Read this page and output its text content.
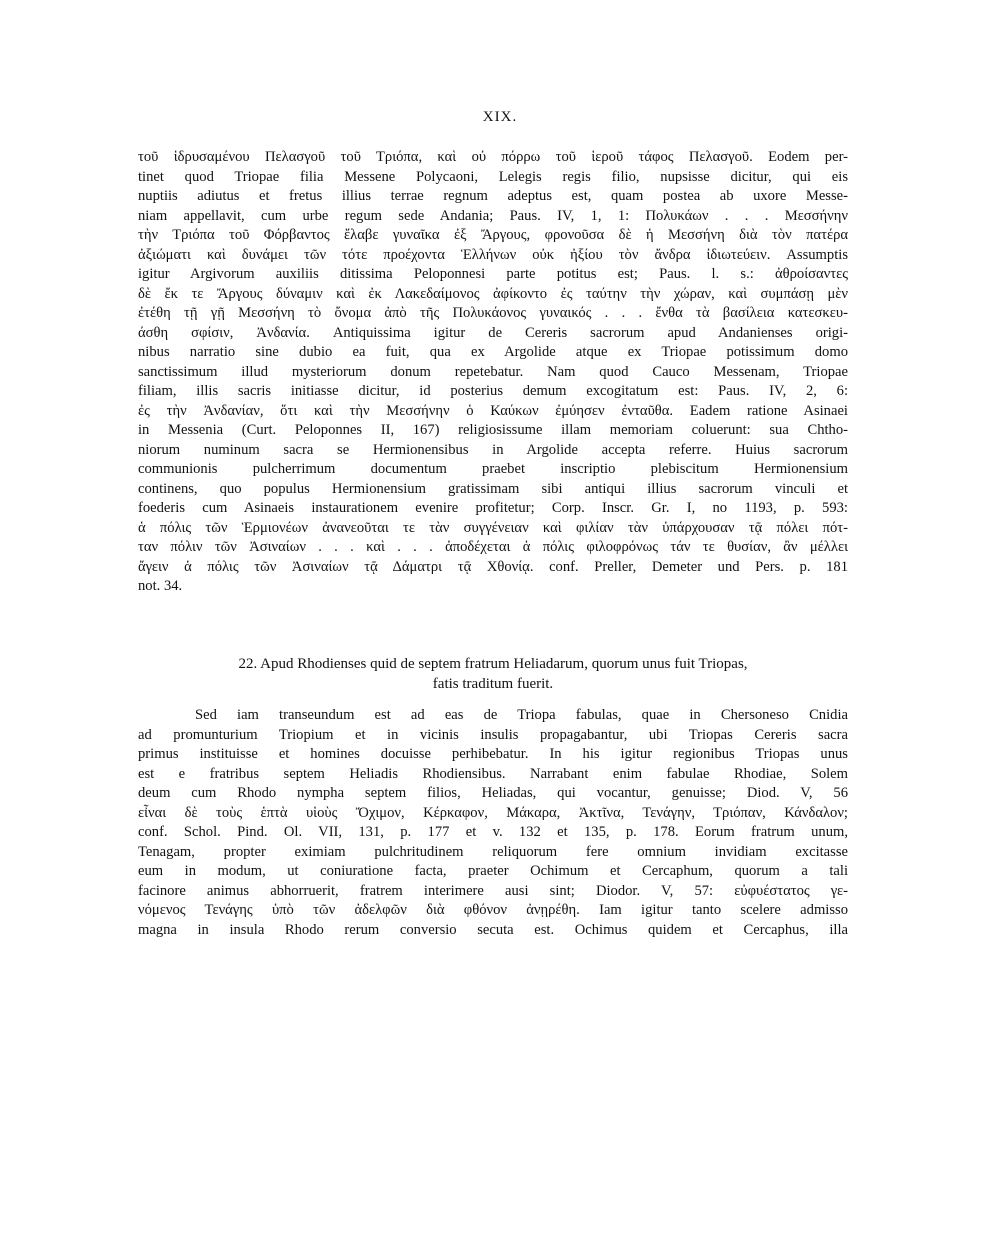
XIX.
τοῦ ἱδρυσαμένου Πελασγοῦ τοῦ Τριόπα, καὶ οὐ πόρρω τοῦ ἱεροῦ τάφος Πελασγοῦ. Eodem per-
tinet quod Triopae filia Messene Polycaoni, Lelegis regis filio, nupsisse dicitur, qui eis
nuptiis adiutus et fretus illius terrae regnum adeptus est, quam postea ab uxore Messe-
niam appellavit, cum urbe regum sede Andania; Paus. IV, 1, 1: Πολυκάων . . . Μεσσήνην
τὴν Τριόπα τοῦ Φόρβαντος ἔλαβε γυναῖκα ἐξ Ἄργους, φρονοῦσα δὲ ἡ Μεσσήνη διὰ τὸν πατέρα
ἀξιώματι καὶ δυνάμει τῶν τότε προέχοντα Ἑλλήνων οὐκ ἠξίου τὸν ἄνδρα ἰδιωτεύειν. Assumptis
igitur Argivorum auxiliis ditissima Peloponnesi parte potitus est; Paus. l. s.: ἀθροίσαντες
δὲ ἔκ τε Ἄργους δύναμιν καὶ ἐκ Λακεδαίμονος ἀφίκοντο ἐς ταύτην τὴν χώραν, καὶ συμπάσῃ μὲν
ἐτέθη τῇ γῇ Μεσσήνη τὸ ὄνομα ἀπὸ τῆς Πολυκάονος γυναικός . . . ἔνθα τὰ βασίλεια κατεσκευ-
άσθη σφίσιν, Ἀνδανία. Antiquissima igitur de Cereris sacrorum apud Andanienses origi-
nibus narratio sine dubio ea fuit, qua ex Argolide atque ex Triopae potissimum domo
sanctissimum illud mysteriorum donum repetebatur. Nam quod Cauco Messenam, Triopae
filiam, illis sacris initiasse dicitur, id posterius demum excogitatum est: Paus. IV, 2, 6:
ἐς τὴν Ἀνδανίαν, ὅτι καὶ τὴν Μεσσήνην ὁ Καύκων ἐμύησεν ἐνταῦθα. Eadem ratione Asinaei
in Messenia (Curt. Peloponnes II, 167) religiosissume illam memoriam coluerunt: sua Chtho-
niorum numinum sacra se Hermionensibus in Argolide accepta referre. Huius sacrorum
communionis pulcherrimum documentum praebet inscriptio plebiscitum Hermionensium
continens, quo populus Hermionensium gratissimam sibi antiqui illius sacrorum vinculi et
foederis cum Asinaeis instaurationem evenire profitetur; Corp. Inscr. Gr. I, no 1193, p. 593:
ἁ πόλις τῶν Ἑρμιονέων ἀνανεοῦται τε τὰν συγγένειαν καὶ φιλίαν τὰν ὑπάρχουσαν τᾷ πόλει πότ-
ταν πόλιν τῶν Ἀσιναίων . . . καὶ . . . ἀποδέχεται ἁ πόλις φιλοφρόνως τάν τε θυσίαν, ἂν μέλλει
ἄγειν ἁ πόλις τῶν Ἀσιναίων τᾷ Δάματρι τᾷ Χθονίᾳ. conf. Preller, Demeter und Pers. p. 181
not. 34.
22. Apud Rhodienses quid de septem fratrum Heliadarum, quorum unus fuit Triopas,
fatis traditum fuerit.
Sed iam transeundum est ad eas de Triopa fabulas, quae in Chersoneso Cnidia
ad promunturium Triopium et in vicinis insulis propagabantur, ubi Triopas Cereris sacra
primus instituisse et homines docuisse perhibebatur. In his igitur regionibus Triopas unus
est e fratribus septem Heliadis Rhodiensibus. Narrabant enim fabulae Rhodiae, Solem
deum cum Rhodo nympha septem filios, Heliadas, qui vocantur, genuisse; Diod. V, 56
εἶναι δὲ τοὺς ἑπτὰ υἱοὺς Ὄχιμον, Κέρκαφον, Μάκαρα, Ἀκτῖνα, Τενάγην, Τριόπαν, Κάνδαλον;
conf. Schol. Pind. Ol. VII, 131, p. 177 et v. 132 et 135, p. 178. Eorum fratrum unum,
Tenagam, propter eximiam pulchritudinem reliquorum fere omnium invidiam excitasse
eum in modum, ut coniuratione facta, praeter Ochimum et Cercaphum, quorum a tali
facinore animus abhorruerit, fratrem interimere ausi sint; Diodor. V, 57: εὐφυέστατος γε-
νόμενος Τενάγης ὑπὸ τῶν ἀδελφῶν διὰ φθόνον ἀνῃρέθη. Iam igitur tanto scelere admisso
magna in insula Rhodo rerum conversio secuta est. Ochimus quidem et Cercaphus, illa
